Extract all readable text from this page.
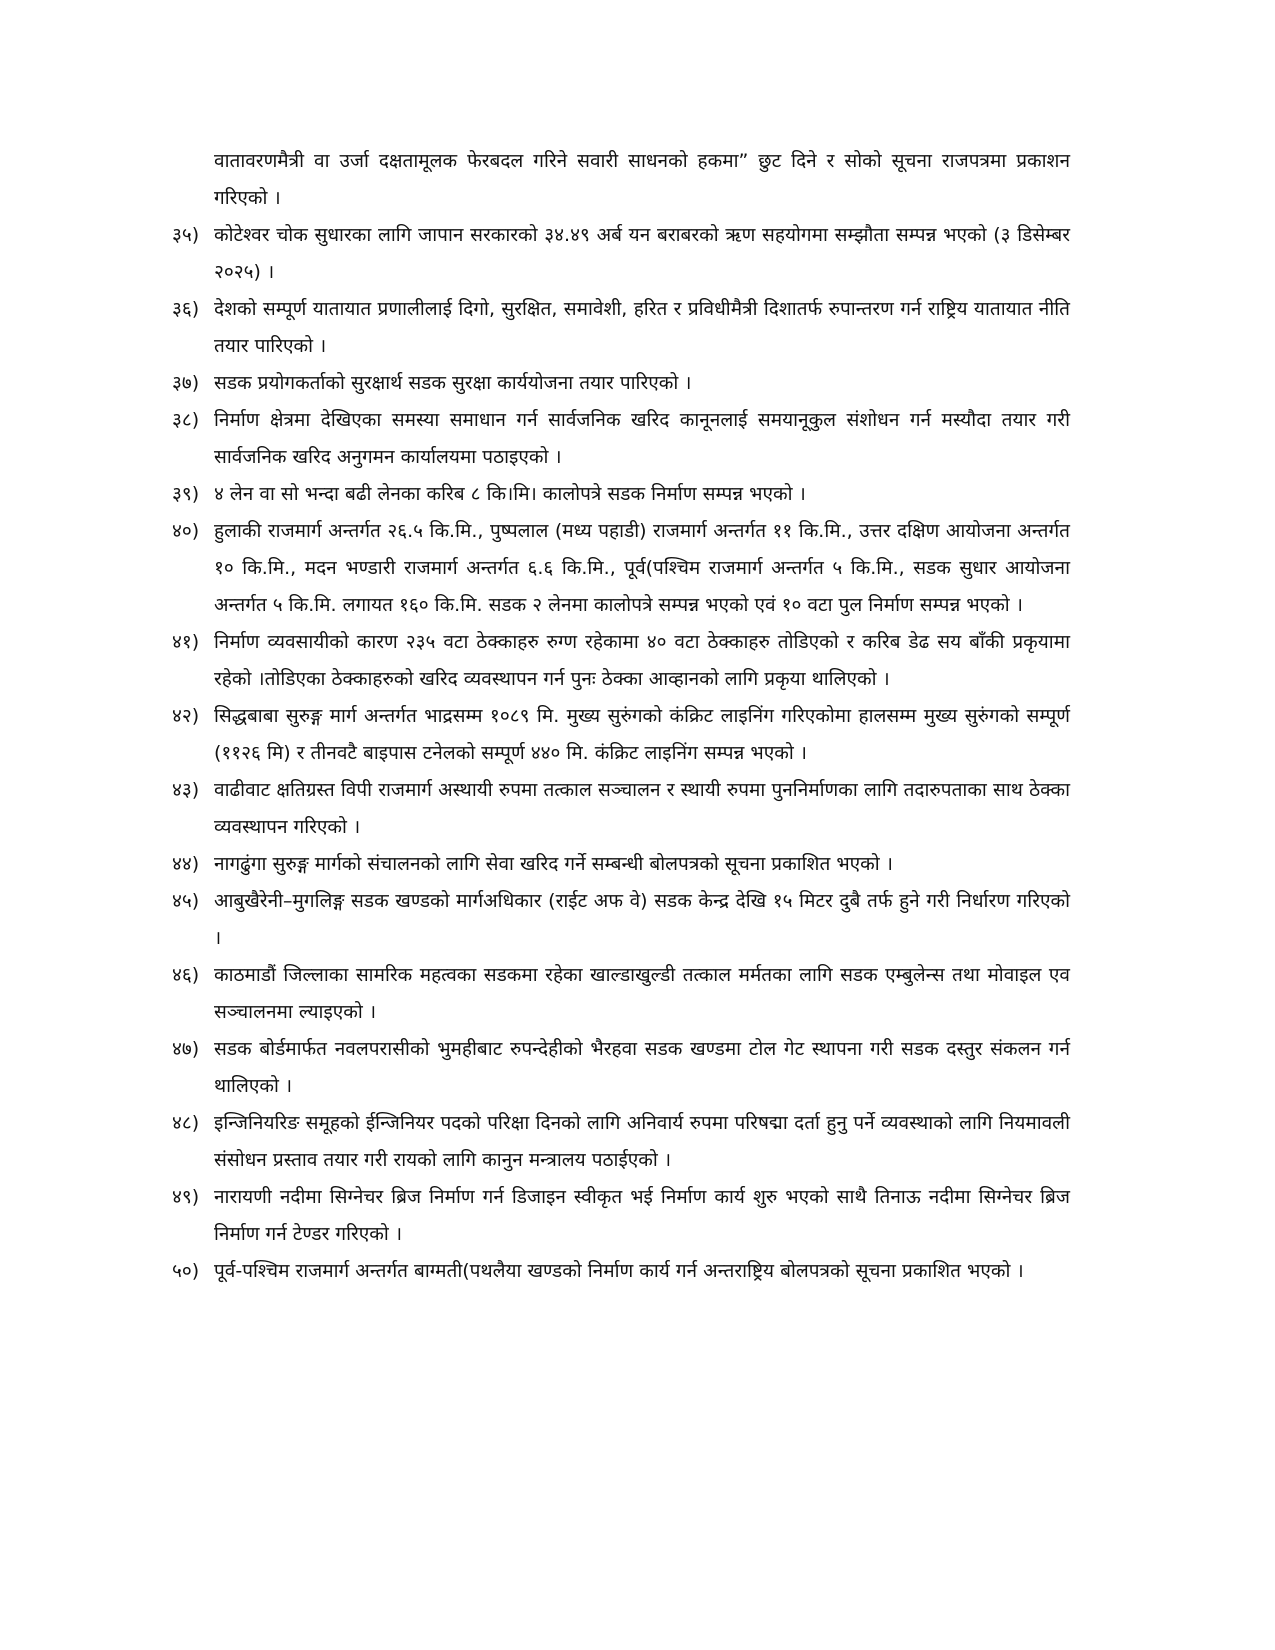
वातावरणमैत्री वा उर्जा दक्षतामूलक फेरबदल गरिने सवारी साधनको हकमा” छुट दिने र सोको सूचना राजपत्रमा प्रकाशन गरिएको ।
३५) कोटेश्वर चोक सुधारका लागि जापान सरकारको ३४.४९ अर्ब यन बराबरको ऋण सहयोगमा सम्झौता सम्पन्न भएको (३ डिसेम्बर २०२५) ।
३६) देशको सम्पूर्ण यातायात प्रणालीलाई दिगो, सुरक्षित, समावेशी, हरित र प्रविधीमैत्री दिशातर्फ रुपान्तरण गर्न राष्ट्रिय यातायात नीति तयार पारिएको ।
३७) सडक प्रयोगकर्ताको सुरक्षार्थ सडक सुरक्षा कार्ययोजना तयार पारिएको ।
३८) निर्माण क्षेत्रमा देखिएका समस्या समाधान गर्न सार्वजनिक खरिद कानूनलाई समयानूकुल संशोधन गर्न मस्यौदा तयार गरी सार्वजनिक खरिद अनुगमन कार्यालयमा पठाइएको ।
३९) ४ लेन वा सो भन्दा बढी लेनका करिब ८ कि।मि। कालोपत्रे सडक निर्माण सम्पन्न भएको ।
४०) हुलाकी राजमार्ग अन्तर्गत २६.५ कि.मि., पुष्पलाल (मध्य पहाडी) राजमार्ग अन्तर्गत ११ कि.मि., उत्तर दक्षिण आयोजना अन्तर्गत १० कि.मि., मदन भण्डारी राजमार्ग अन्तर्गत ६.६ कि.मि., पूर्व(पश्चिम राजमार्ग अन्तर्गत ५ कि.मि., सडक सुधार आयोजना अन्तर्गत ५ कि.मि. लगायत १६० कि.मि. सडक २ लेनमा कालोपत्रे सम्पन्न भएको एवं १० वटा पुल निर्माण सम्पन्न भएको ।
४१) निर्माण व्यवसायीको कारण २३५ वटा ठेक्काहरु रुग्ण रहेकामा ४० वटा ठेक्काहरु तोडिएको र करिब डेढ सय बाँकी प्रकृयामा रहेको ।तोडिएका ठेक्काहरुको खरिद व्यवस्थापन गर्न पुनः ठेक्का आव्हानको लागि प्रकृया थालिएको ।
४२) सिद्धबाबा सुरुङ्ग मार्ग अन्तर्गत भाद्रसम्म १०८९ मि. मुख्य सुरुंगको कंक्रिट लाइनिंग गरिएकोमा हालसम्म मुख्य सुरुंगको सम्पूर्ण (११२६ मि) र तीनवटै बाइपास टनेलको सम्पूर्ण ४४० मि. कंक्रिट लाइनिंग सम्पन्न भएको ।
४३) वाढीवाट क्षतिग्रस्त विपी राजमार्ग अस्थायी रुपमा तत्काल सञ्चालन र स्थायी रुपमा पुननिर्माणका लागि तदारुपताका साथ ठेक्का व्यवस्थापन गरिएको ।
४४) नागढुंगा सुरुङ्ग मार्गको संचालनको लागि सेवा खरिद गर्ने सम्बन्धी बोलपत्रको सूचना प्रकाशित भएको ।
४५) आबुखैरेनी–मुगलिङ्ग सडक खण्डको मार्गअधिकार (राईट अफ वे) सडक केन्द्र देखि १५ मिटर दुबै तर्फ हुने गरी निर्धारण गरिएको ।
४६) काठमाडौं जिल्लाका सामरिक महत्वका सडकमा रहेका खाल्डाखुल्डी तत्काल मर्मतका लागि सडक एम्बुलेन्स तथा मोवाइल एव सञ्चालनमा ल्याइएको ।
४७) सडक बोर्डमार्फत नवलपरासीको भुमहीबाट रुपन्देहीको भैरहवा सडक खण्डमा टोल गेट स्थापना गरी सडक दस्तुर संकलन गर्न थालिएको ।
४८) इन्जिनियरिङ समूहको ईन्जिनियर पदको परिक्षा दिनको लागि अनिवार्य रुपमा परिषद्मा दर्ता हुनु पर्ने व्यवस्थाको लागि नियमावली संसोधन प्रस्ताव तयार गरी रायको लागि कानुन मन्त्रालय पठाईएको ।
४९) नारायणी नदीमा सिग्नेचर ब्रिज निर्माण गर्न डिजाइन स्वीकृत भई निर्माण कार्य शुरु भएको साथै तिनाऊ नदीमा सिग्नेचर ब्रिज निर्माण गर्न टेण्डर गरिएको ।
५०) पूर्व-पश्चिम राजमार्ग अन्तर्गत बाग्मती(पथलैया खण्डको निर्माण कार्य गर्न अन्तराष्ट्रिय बोलपत्रको सूचना प्रकाशित भएको ।
